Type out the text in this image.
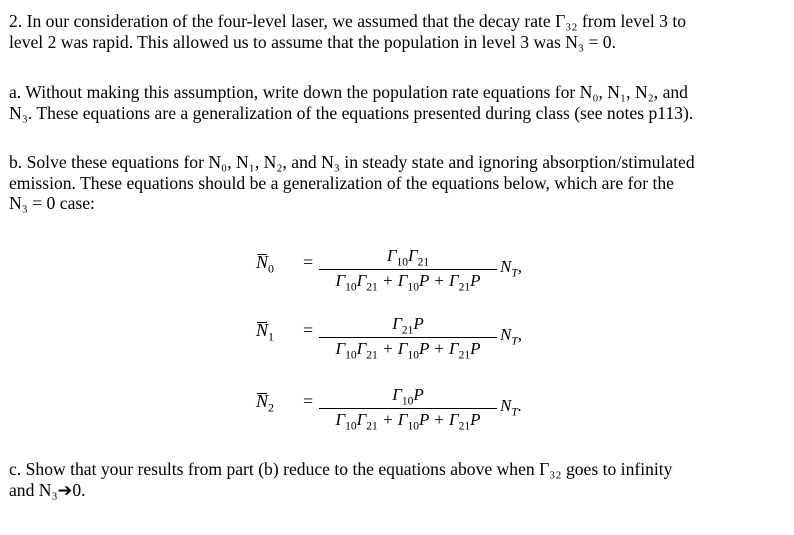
2. In our consideration of the four-level laser, we assumed that the decay rate Γ₃₂ from level 3 to
level 2 was rapid. This allowed us to assume that the population in level 3 was N₃ = 0.
a. Without making this assumption, write down the population rate equations for N₀, N₁, N₂, and
N₃. These equations are a generalization of the equations presented during class (see notes p113).
b. Solve these equations for N₀, N₁, N₂, and N₃ in steady state and ignoring absorption/stimulated
emission. These equations should be a generalization of the equations below, which are for the
N₃ = 0 case:
$N_0$ =	$\Gamma_{10}\Gamma_{21}$
$\Gamma_{10}\Gamma_{21} + \Gamma_{10}P + \Gamma_{21}P$
$N_T$,
$N_1$ =	$\Gamma_{21}P$
$\Gamma_{10}\Gamma_{21} + \Gamma_{10}P + \Gamma_{21}P$
$N_T$,
$N_2$ =	$\Gamma_{10}P$
$\Gamma_{10}\Gamma_{21} + \Gamma_{10}P + \Gamma_{21}P$
$N_T$.
c. Show that your results from part (b) reduce to the equations above when Γ₃₂ goes to infinity
and N₃➔0.
